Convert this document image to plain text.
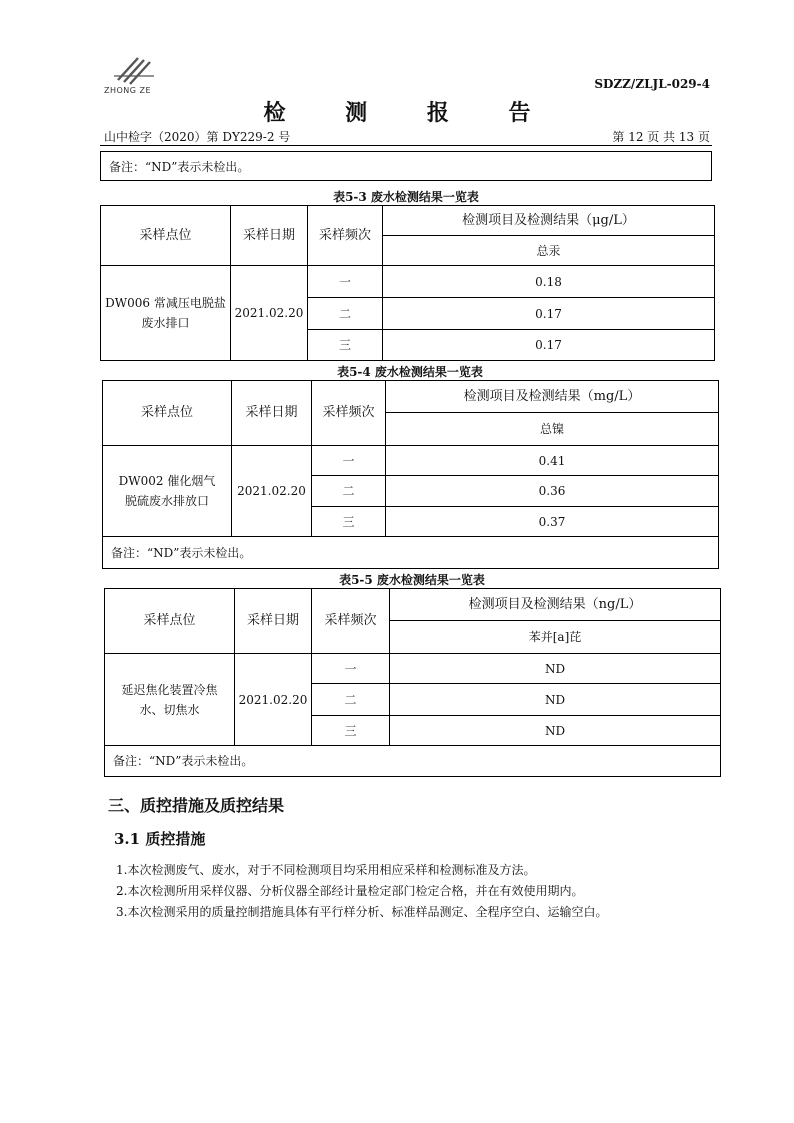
ZHONG ZE	SDZZ/ZLJL-029-4
检 测 报 告
山中检字（2020）第 DY229-2 号	第 12 页 共 13 页
备注：“ND”表示未检出。
表5-3 废水检测结果一览表
采样点位	采样日期	采样频次	检测项目及检测结果（μg/L）
			总汞
DW006 常减压电脱盐废水排口	2021.02.20	一	0.18
		二	0.17
		三	0.17
表5-4 废水检测结果一览表
采样点位	采样日期	采样频次	检测项目及检测结果（mg/L）
			总镍
DW002 催化烟气脱硫废水排放口	2021.02.20	一	0.41
		二	0.36
		三	0.37
备注：“ND”表示未检出。			
表5-5 废水检测结果一览表
采样点位	采样日期	采样频次	检测项目及检测结果（ng/L）
			苯并[a]芘
延迟焦化装置冷焦水、切焦水	2021.02.20	一	ND
		二	ND
		三	ND
备注：“ND”表示未检出。			
三、质控措施及质控结果
3.1 质控措施
1.本次检测废气、废水，对于不同检测项目均采用相应采样和检测标准及方法。
2.本次检测所用采样仪器、分析仪器全部经计量检定部门检定合格，并在有效使用期内。
3.本次检测采用的质量控制措施具体有平行样分析、标准样品测定、全程序空白、运输空白。
